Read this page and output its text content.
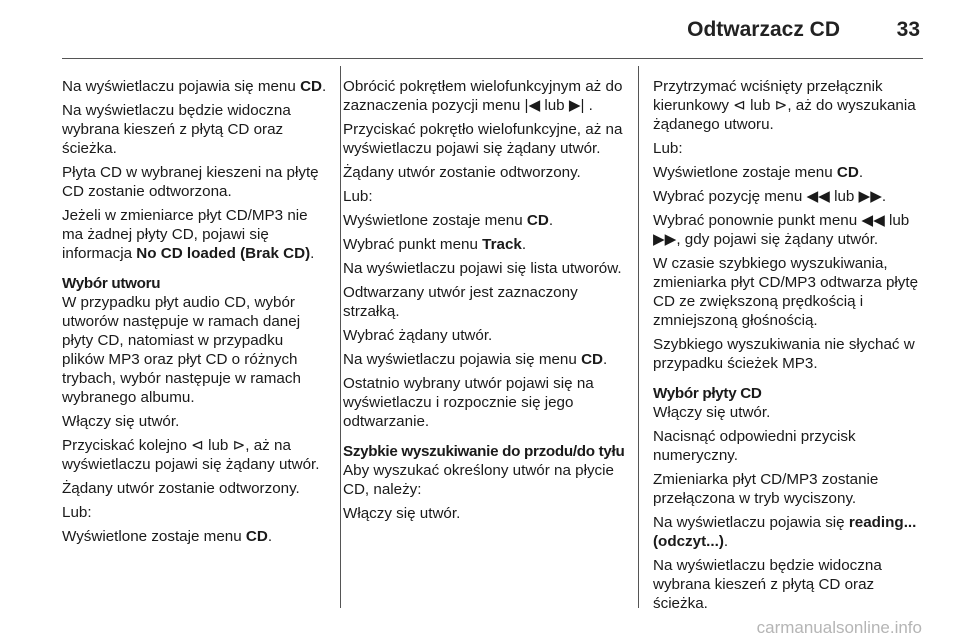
Odtwarzacz CD	33

Na wyświetlaczu pojawia się menu CD.

Na wyświetlaczu będzie widoczna wybrana kieszeń z płytą CD oraz ścieżka.

Płyta CD w wybranej kieszeni na płytę CD zostanie odtworzona.

Jeżeli w zmieniarce płyt CD/MP3 nie ma żadnej płyty CD, pojawi się informacja No CD loaded (Brak CD).

Wybór utworu

W przypadku płyt audio CD, wybór utworów następuje w ramach danej płyty CD, natomiast w przypadku plików MP3 oraz płyt CD o różnych trybach, wybór następuje w ramach wybranego albumu.

Włączy się utwór.

Przyciskać kolejno ⊲ lub ⊳, aż na wyświetlaczu pojawi się żądany utwór.

Żądany utwór zostanie odtworzony.

Lub:

Wyświetlone zostaje menu CD.

Obrócić pokrętłem wielofunkcyjnym aż do zaznaczenia pozycji menu |◀ lub ▶| .

Przyciskać pokrętło wielofunkcyjne, aż na wyświetlaczu pojawi się żądany utwór.

Żądany utwór zostanie odtworzony.

Lub:

Wyświetlone zostaje menu CD.

Wybrać punkt menu Track.

Na wyświetlaczu pojawi się lista utworów.

Odtwarzany utwór jest zaznaczony strzałką.

Wybrać żądany utwór.

Na wyświetlaczu pojawia się menu CD.

Ostatnio wybrany utwór pojawi się na wyświetlaczu i rozpocznie się jego odtwarzanie.

Szybkie wyszukiwanie do przodu/do tyłu

Aby wyszukać określony utwór na płycie CD, należy:

Włączy się utwór.

Przytrzymać wciśnięty przełącznik kierunkowy ⊲ lub ⊳, aż do wyszukania żądanego utworu.

Lub:

Wyświetlone zostaje menu CD.

Wybrać pozycję menu ◀◀ lub ▶▶.

Wybrać ponownie punkt menu ◀◀ lub ▶▶, gdy pojawi się żądany utwór.

W czasie szybkiego wyszukiwania, zmieniarka płyt CD/MP3 odtwarza płytę CD ze zwiększoną prędkością i zmniejszoną głośnością.

Szybkiego wyszukiwania nie słychać w przypadku ścieżek MP3.

Wybór płyty CD

Włączy się utwór.

Nacisnąć odpowiedni przycisk numeryczny.

Zmieniarka płyt CD/MP3 zostanie przełączona w tryb wyciszony.

Na wyświetlaczu pojawia się reading... (odczyt...).

Na wyświetlaczu będzie widoczna wybrana kieszeń z płytą CD oraz ścieżka.

carmanualsonline.info
